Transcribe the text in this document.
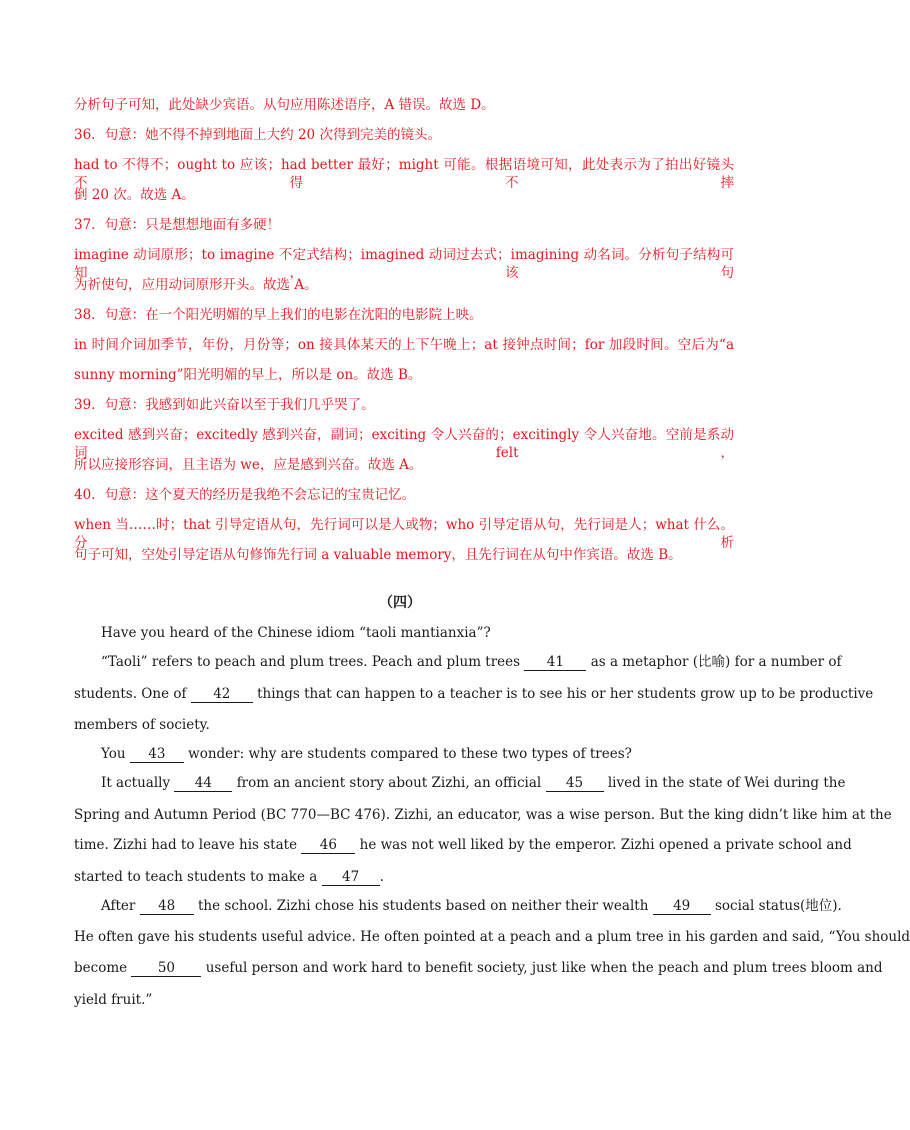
分析句子可知，此处缺少宾语。从句应用陈述语序，A 错误。故选 D。
36．句意：她不得不掉到地面上大约 20 次得到完美的镜头。
had to 不得不；ought to 应该；had better 最好；might 可能。根据语境可知，此处表示为了拍出好镜头不得不摔
倒 20 次。故选 A。
37．句意：只是想想地面有多硬！
imagine 动词原形；to imagine 不定式结构；imagined 动词过去式；imagining 动名词。分析句子结构可知，该句
为祈使句，应用动词原形开头。故选 A。
38．句意：在一个阳光明媚的早上我们的电影在沈阳的电影院上映。
in 时间介词加季节，年份，月份等；on 接具体某天的上下午晚上；at 接钟点时间；for 加段时间。空后为“a
sunny morning”阳光明媚的早上，所以是 on。故选 B。
39．句意：我感到如此兴奋以至于我们几乎哭了。
excited 感到兴奋；excitedly 感到兴奋，副词；exciting 令人兴奋的；excitingly 令人兴奋地。空前是系动词 felt，
所以应接形容词，且主语为 we，应是感到兴奋。故选 A。
40．句意：这个夏天的经历是我绝不会忘记的宝贵记忆。
when 当……时；that 引导定语从句，先行词可以是人或物；who 引导定语从句，先行词是人；what 什么。分析
句子可知，空处引导定语从句修饰先行词 a valuable memory，且先行词在从句中作宾语。故选 B。
（四）
Have you heard of the Chinese idiom “taoli mantianxia”?
“Taoli” refers to peach and plum trees. Peach and plum trees 41 as a metaphor (比喻) for a number of
students. One of 42 things that can happen to a teacher is to see his or her students grow up to be productive
members of society.
You 43 wonder: why are students compared to these two types of trees?
It actually 44 from an ancient story about Zizhi, an official 45 lived in the state of Wei during the
Spring and Autumn Period (BC 770—BC 476). Zizhi, an educator, was a wise person. But the king didn’t like him at the
time. Zizhi had to leave his state 46 he was not well liked by the emperor. Zizhi opened a private school and
started to teach students to make a 47 .
After 48 the school. Zizhi chose his students based on neither their wealth 49 social status(地位).
He often gave his students useful advice. He often pointed at a peach and a plum tree in his garden and said, “You should
become 50 useful person and work hard to benefit society, just like when the peach and plum trees bloom and
yield fruit.”
